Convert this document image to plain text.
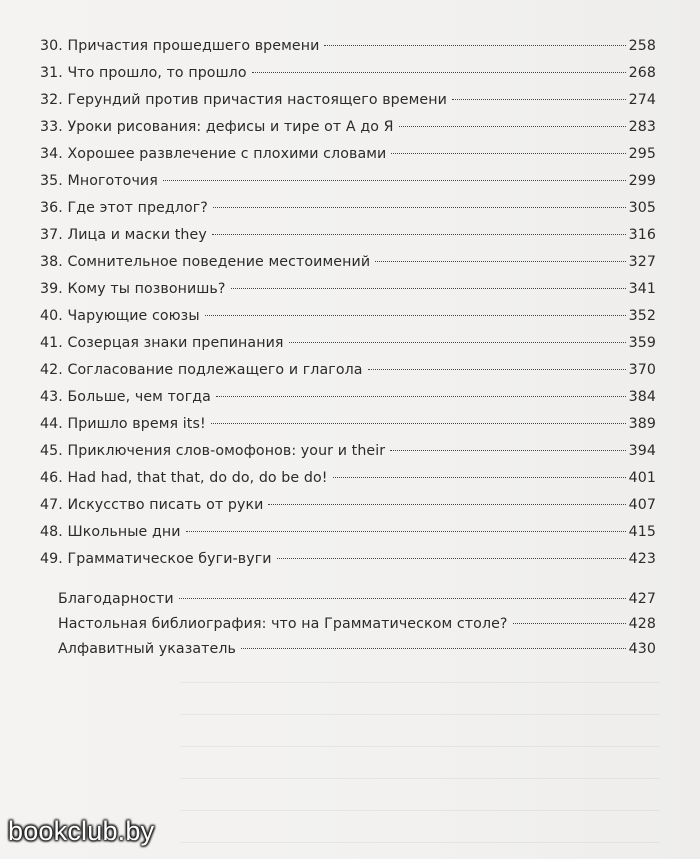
30. Причастия прошедшего времени	258
31. Что прошло, то прошло	268
32. Герундий против причастия настоящего времени	274
33. Уроки рисования: дефисы и тире от А до Я	283
34. Хорошее развлечение с плохими словами	295
35. Многоточия	299
36. Где этот предлог?	305
37. Лица и маски they	316
38. Сомнительное поведение местоимений	327
39. Кому ты позвонишь?	341
40. Чарующие союзы	352
41. Созерцая знаки препинания	359
42. Согласование подлежащего и глагола	370
43. Больше, чем тогда	384
44. Пришло время its!	389
45. Приключения слов-омофонов: your и their	394
46. Had had, that that, do do, do be do!	401
47. Искусство писать от руки	407
48. Школьные дни	415
49. Грамматическое буги-вуги	423
Благодарности	427
Настольная библиография: что на Грамматическом столе?	428
Алфавитный указатель	430
bookclub.by
